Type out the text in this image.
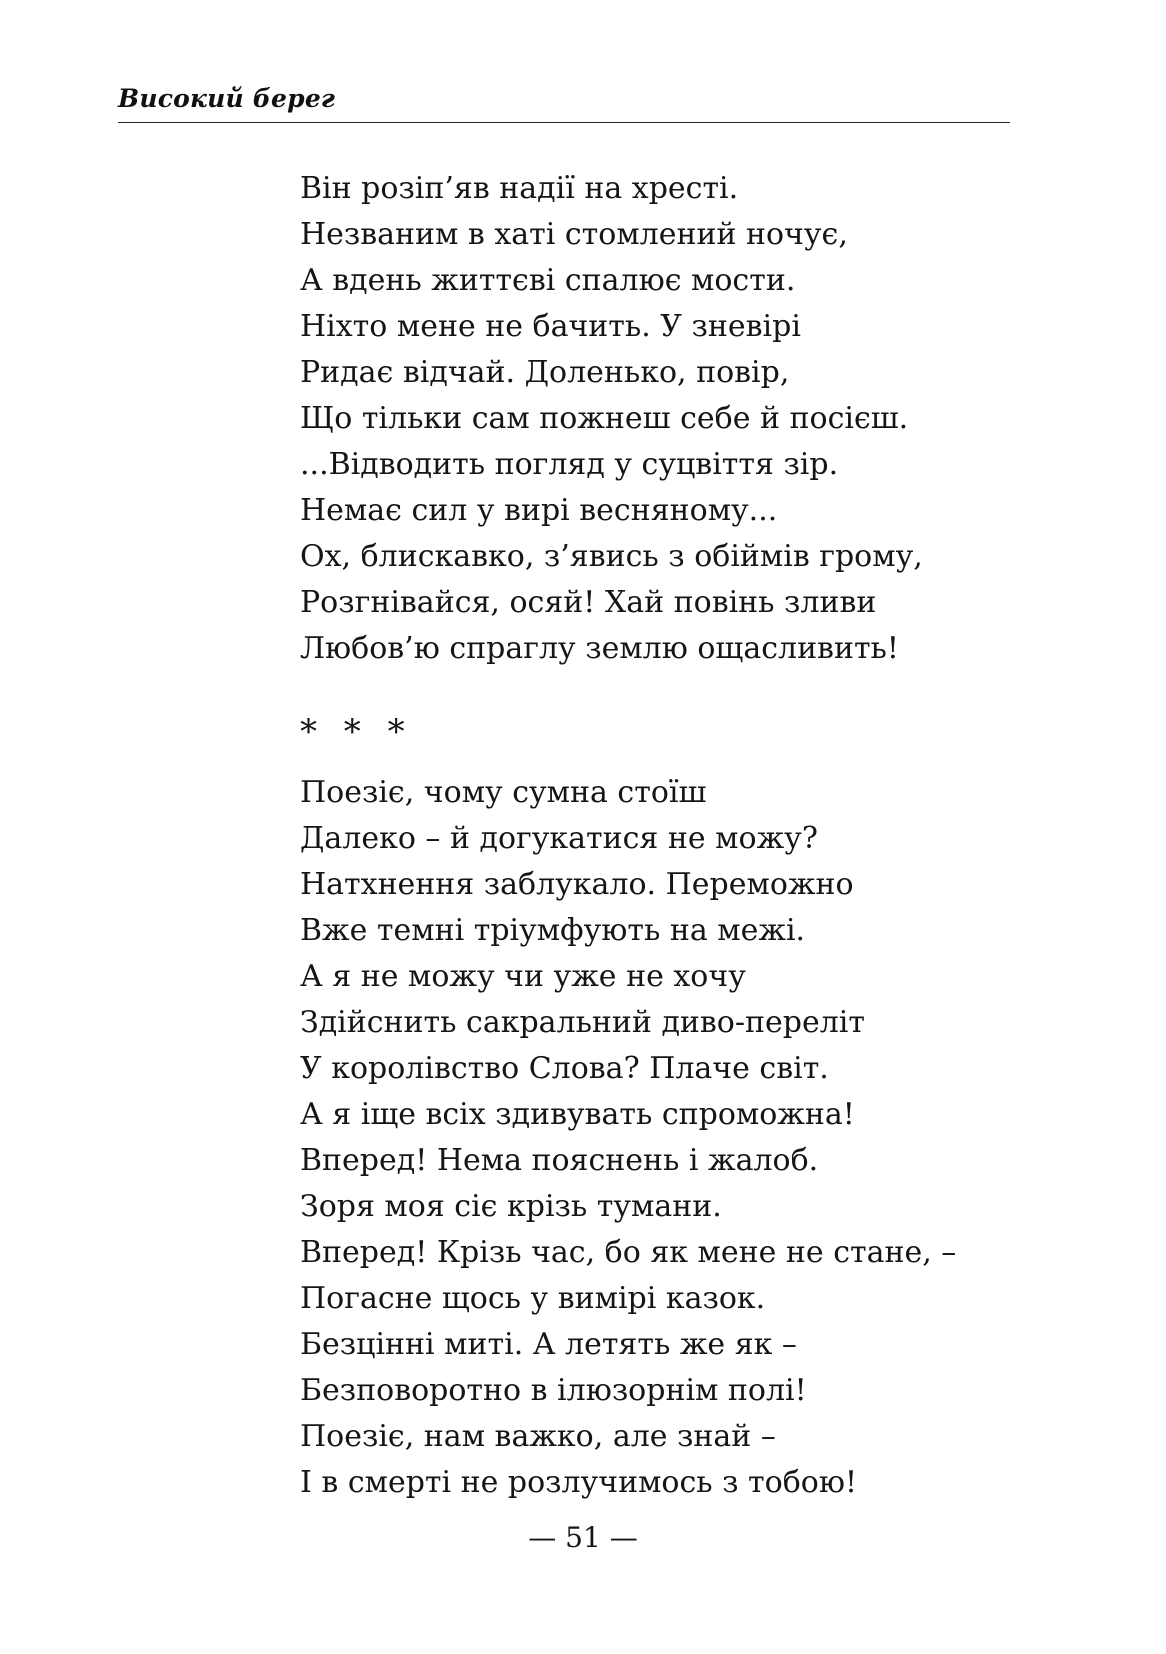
Високий берег
Він розіп’яв надії на хресті.
Незваним в хаті стомлений ночує,
А вдень життєві спалює мости.
Ніхто мене не бачить. У зневірі
Ридає відчай. Доленько, повір,
Що тільки сам пожнеш себе й посієш.
...Відводить погляд у суцвіття зір.
Немає сил у вирі весняному...
Ох, блискавко, з’явись з обіймів грому,
Розгнівайся, осяй! Хай повінь зливи
Любов’ю спраглу землю ощасливить!
* * *
Поезіє, чому сумна стоїш
Далеко – й догукатися не можу?
Натхнення заблукало. Переможно
Вже темні тріумфують на межі.
А я не можу чи уже не хочу
Здійснить сакральний диво-переліт
У королівство Слова? Плаче світ.
А я іще всіх здивувать спроможна!
Вперед! Нема пояснень і жалоб.
Зоря моя сіє крізь тумани.
Вперед! Крізь час, бо як мене не стане, –
Погасне щось у вимірі казок.
Безцінні миті. А летять же як –
Безповоротно в ілюзорнім полі!
Поезіє, нам важко, але знай –
І в смерті не розлучимось з тобою!
— 51 —
